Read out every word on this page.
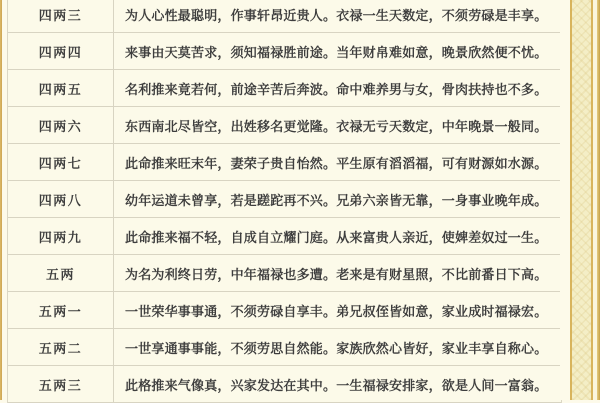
四两三	为人心性最聪明，作事轩昂近贵人。衣禄一生天数定，不须劳碌是丰享。
四两四	来事由天莫苦求，须知福禄胜前途。当年财帛难如意，晚景欣然便不忧。
四两五	名利推来竟若何，前途辛苦后奔波。命中难养男与女，骨肉扶持也不多。
四两六	东西南北尽皆空，出姓移名更觉隆。衣禄无亏天数定，中年晚景一般同。
四两七	此命推来旺末年，妻荣子贵自怡然。平生原有滔滔福，可有财源如水源。
四两八	幼年运道未曾享，若是蹉跎再不兴。兄弟六亲皆无靠，一身事业晚年成。
四两九	此命推来福不轻，自成自立耀门庭。从来富贵人亲近，使婢差奴过一生。
五两	为名为利终日劳，中年福禄也多遭。老来是有财星照，不比前番日下高。
五两一	一世荣华事事通，不须劳碌自享丰。弟兄叔侄皆如意，家业成时福禄宏。
五两二	一世享通事事能，不须劳思自然能。家族欣然心皆好，家业丰享自称心。
五两三	此格推来气像真，兴家发达在其中。一生福禄安排家，欲是人间一富翁。
